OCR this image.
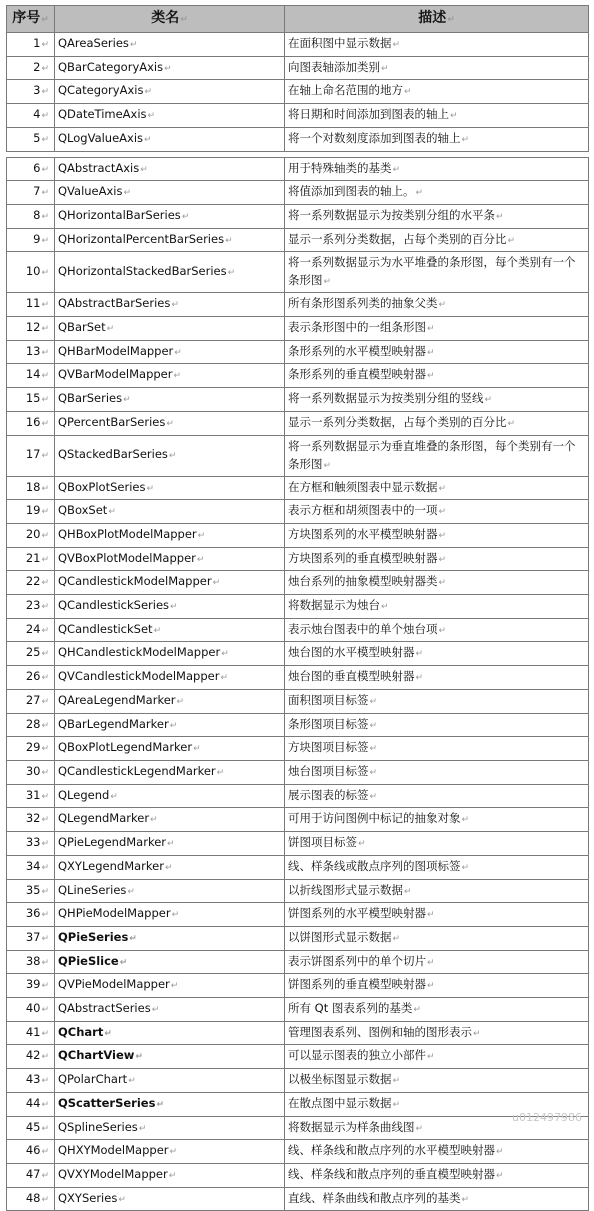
序号↵	类名↵	描述↵
1↵	QAreaSeries↵	在面积图中显示数据↵
2↵	QBarCategoryAxis↵	向图表轴添加类别↵
3↵	QCategoryAxis↵	在轴上命名范围的地方↵
4↵	QDateTimeAxis↵	将日期和时间添加到图表的轴上↵
5↵	QLogValueAxis↵	将一个对数刻度添加到图表的轴上↵

6↵	QAbstractAxis↵	用于特殊轴类的基类↵
7↵	QValueAxis↵	将值添加到图表的轴上。↵
8↵	QHorizontalBarSeries↵	将一系列数据显示为按类别分组的水平条↵
9↵	QHorizontalPercentBarSeries↵	显示一系列分类数据，占每个类别的百分比↵
10↵	QHorizontalStackedBarSeries↵	将一系列数据显示为水平堆叠的条形图，每个类别有一个条形图↵
11↵	QAbstractBarSeries↵	所有条形图系列类的抽象父类↵
12↵	QBarSet↵	表示条形图中的一组条形图↵
13↵	QHBarModelMapper↵	条形系列的水平模型映射器↵
14↵	QVBarModelMapper↵	条形系列的垂直模型映射器↵
15↵	QBarSeries↵	将一系列数据显示为按类别分组的竖线↵
16↵	QPercentBarSeries↵	显示一系列分类数据，占每个类别的百分比↵
17↵	QStackedBarSeries↵	将一系列数据显示为垂直堆叠的条形图，每个类别有一个条形图↵
18↵	QBoxPlotSeries↵	在方框和触须图表中显示数据↵
19↵	QBoxSet↵	表示方框和胡须图表中的一项↵
20↵	QHBoxPlotModelMapper↵	方块图系列的水平模型映射器↵
21↵	QVBoxPlotModelMapper↵	方块图系列的垂直模型映射器↵
22↵	QCandlestickModelMapper↵	烛台系列的抽象模型映射器类↵
23↵	QCandlestickSeries↵	将数据显示为烛台↵
24↵	QCandlestickSet↵	表示烛台图表中的单个烛台项↵
25↵	QHCandlestickModelMapper↵	烛台图的水平模型映射器↵
26↵	QVCandlestickModelMapper↵	烛台图的垂直模型映射器↵
27↵	QAreaLegendMarker↵	面积图项目标签↵
28↵	QBarLegendMarker↵	条形图项目标签↵
29↵	QBoxPlotLegendMarker↵	方块图项目标签↵
30↵	QCandlestickLegendMarker↵	烛台图项目标签↵
31↵	QLegend↵	展示图表的标签↵
32↵	QLegendMarker↵	可用于访问图例中标记的抽象对象↵
33↵	QPieLegendMarker↵	饼图项目标签↵
34↵	QXYLegendMarker↵	线、样条线或散点序列的图项标签↵
35↵	QLineSeries↵	以折线图形式显示数据↵
36↵	QHPieModelMapper↵	饼图系列的水平模型映射器↵
37↵	QPieSeries↵	以饼图形式显示数据↵
38↵	QPieSlice↵	表示饼图系列中的单个切片↵
39↵	QVPieModelMapper↵	饼图系列的垂直模型映射器↵
40↵	QAbstractSeries↵	所有 Qt 图表系列的基类↵
41↵	QChart↵	管理图表系列、图例和轴的图形表示↵
42↵	QChartView↵	可以显示图表的独立小部件↵
43↵	QPolarChart↵	以极坐标图显示数据↵
44↵	QScatterSeries↵	在散点图中显示数据↵
45↵	QSplineSeries↵	将数据显示为样条曲线图↵
46↵	QHXYModelMapper↵	线、样条线和散点序列的水平模型映射器↵
47↵	QVXYModelMapper↵	线、样条线和散点序列的垂直模型映射器↵
48↵	QXYSeries↵	直线、样条曲线和散点序列的基类↵
u012497986
